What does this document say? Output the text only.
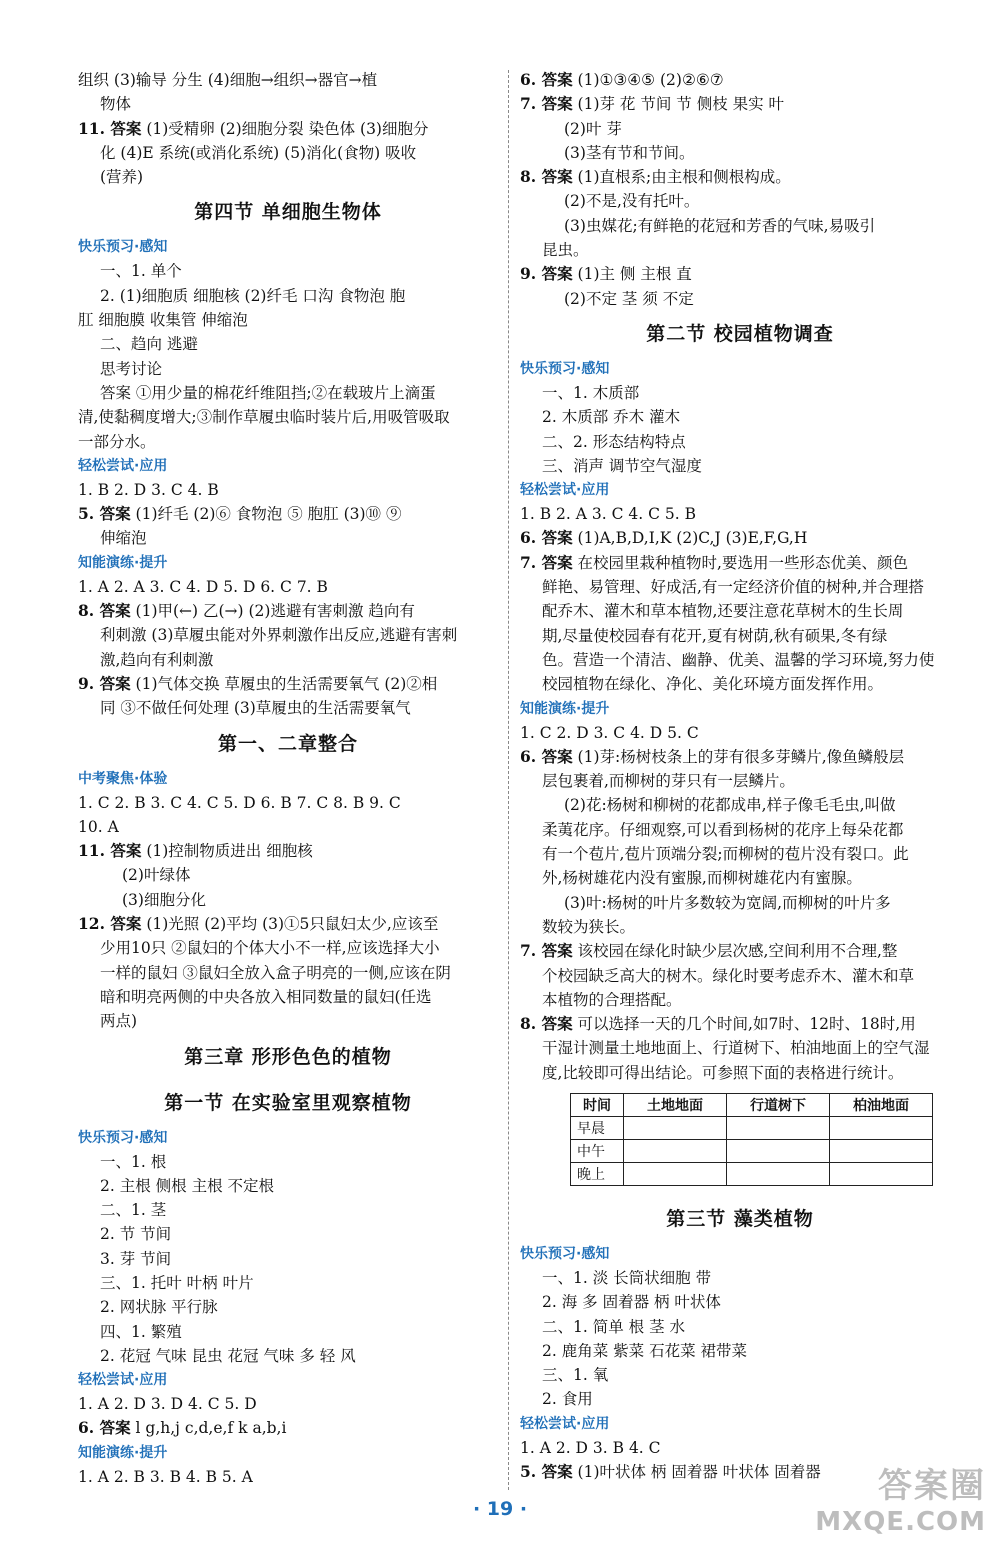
组织 (3)输导 分生 (4)细胞→组织→器官→植
物体
11. 答案 (1)受精卵 (2)细胞分裂 染色体 (3)细胞分
化 (4)E 系统(或消化系统) (5)消化(食物) 吸收
(营养)
第四节 单细胞生物体
快乐预习·感知
一、1. 单个
2. (1)细胞质 细胞核 (2)纤毛 口沟 食物泡 胞
肛 细胞膜 收集管 伸缩泡
二、趋向 逃避
思考讨论
答案 ①用少量的棉花纤维阻挡;②在载玻片上滴蛋
清,使黏稠度增大;③制作草履虫临时装片后,用吸管吸取
一部分水。
轻松尝试·应用
1. B 2. D 3. C 4. B
5. 答案 (1)纤毛 (2)⑥ 食物泡 ⑤ 胞肛 (3)⑩ ⑨
伸缩泡
知能演练·提升
1. A 2. A 3. C 4. D 5. D 6. C 7. B
8. 答案 (1)甲(←) 乙(→) (2)逃避有害刺激 趋向有
利刺激 (3)草履虫能对外界刺激作出反应,逃避有害刺
激,趋向有利刺激
9. 答案 (1)气体交换 草履虫的生活需要氧气 (2)②相
同 ③不做任何处理 (3)草履虫的生活需要氧气
第一、二章整合
中考聚焦·体验
1. C 2. B 3. C 4. C 5. D 6. B 7. C 8. B 9. C
10. A
11. 答案 (1)控制物质进出 细胞核
(2)叶绿体
(3)细胞分化
12. 答案 (1)光照 (2)平均 (3)①5只鼠妇太少,应该至
少用10只 ②鼠妇的个体大小不一样,应该选择大小
一样的鼠妇 ③鼠妇全放入盒子明亮的一侧,应该在阴
暗和明亮两侧的中央各放入相同数量的鼠妇(任选
两点)
第三章 形形色色的植物
第一节 在实验室里观察植物
快乐预习·感知
一、1. 根
2. 主根 侧根 主根 不定根
二、1. 茎
2. 节 节间
3. 芽 节间
三、1. 托叶 叶柄 叶片
2. 网状脉 平行脉
四、1. 繁殖
2. 花冠 气味 昆虫 花冠 气味 多 轻 风
轻松尝试·应用
1. A 2. D 3. D 4. C 5. D
6. 答案 l g,h,j c,d,e,f k a,b,i
知能演练·提升
1. A 2. B 3. B 4. B 5. A
6. 答案 (1)①③④⑤ (2)②⑥⑦
7. 答案 (1)芽 花 节间 节 侧枝 果实 叶
(2)叶 芽
(3)茎有节和节间。
8. 答案 (1)直根系;由主根和侧根构成。
(2)不是,没有托叶。
(3)虫媒花;有鲜艳的花冠和芳香的气味,易吸引
昆虫。
9. 答案 (1)主 侧 主根 直
(2)不定 茎 须 不定
第二节 校园植物调查
快乐预习·感知
一、1. 木质部
2. 木质部 乔木 灌木
二、2. 形态结构特点
三、消声 调节空气湿度
轻松尝试·应用
1. B 2. A 3. C 4. C 5. B
6. 答案 (1)A,B,D,I,K (2)C,J (3)E,F,G,H
7. 答案 在校园里栽种植物时,要选用一些形态优美、颜色
鲜艳、易管理、好成活,有一定经济价值的树种,并合理搭
配乔木、灌木和草本植物,还要注意花草树木的生长周
期,尽量使校园春有花开,夏有树荫,秋有硕果,冬有绿
色。营造一个清洁、幽静、优美、温馨的学习环境,努力使
校园植物在绿化、净化、美化环境方面发挥作用。
知能演练·提升
1. C 2. D 3. C 4. D 5. C
6. 答案 (1)芽:杨树枝条上的芽有很多芽鳞片,像鱼鳞般层
层包裹着,而柳树的芽只有一层鳞片。
(2)花:杨树和柳树的花都成串,样子像毛毛虫,叫做
柔荑花序。仔细观察,可以看到杨树的花序上每朵花都
有一个苞片,苞片顶端分裂;而柳树的苞片没有裂口。此
外,杨树雄花内没有蜜腺,而柳树雄花内有蜜腺。
(3)叶:杨树的叶片多数较为宽阔,而柳树的叶片多
数较为狭长。
7. 答案 该校园在绿化时缺少层次感,空间利用不合理,整
个校园缺乏高大的树木。绿化时要考虑乔木、灌木和草
本植物的合理搭配。
8. 答案 可以选择一天的几个时间,如7时、12时、18时,用
干湿计测量土地地面上、行道树下、柏油地面上的空气湿
度,比较即可得出结论。可参照下面的表格进行统计。
时间	土地地面	行道树下	柏油地面
早晨			
中午			
晚上			
第三节 藻类植物
快乐预习·感知
一、1. 淡 长筒状细胞 带
2. 海 多 固着器 柄 叶状体
二、1. 简单 根 茎 水
2. 鹿角菜 紫菜 石花菜 裙带菜
三、1. 氧
2. 食用
轻松尝试·应用
1. A 2. D 3. B 4. C
5. 答案 (1)叶状体 柄 固着器 叶状体 固着器
· 19 ·
答案圈
MXQE.COM
